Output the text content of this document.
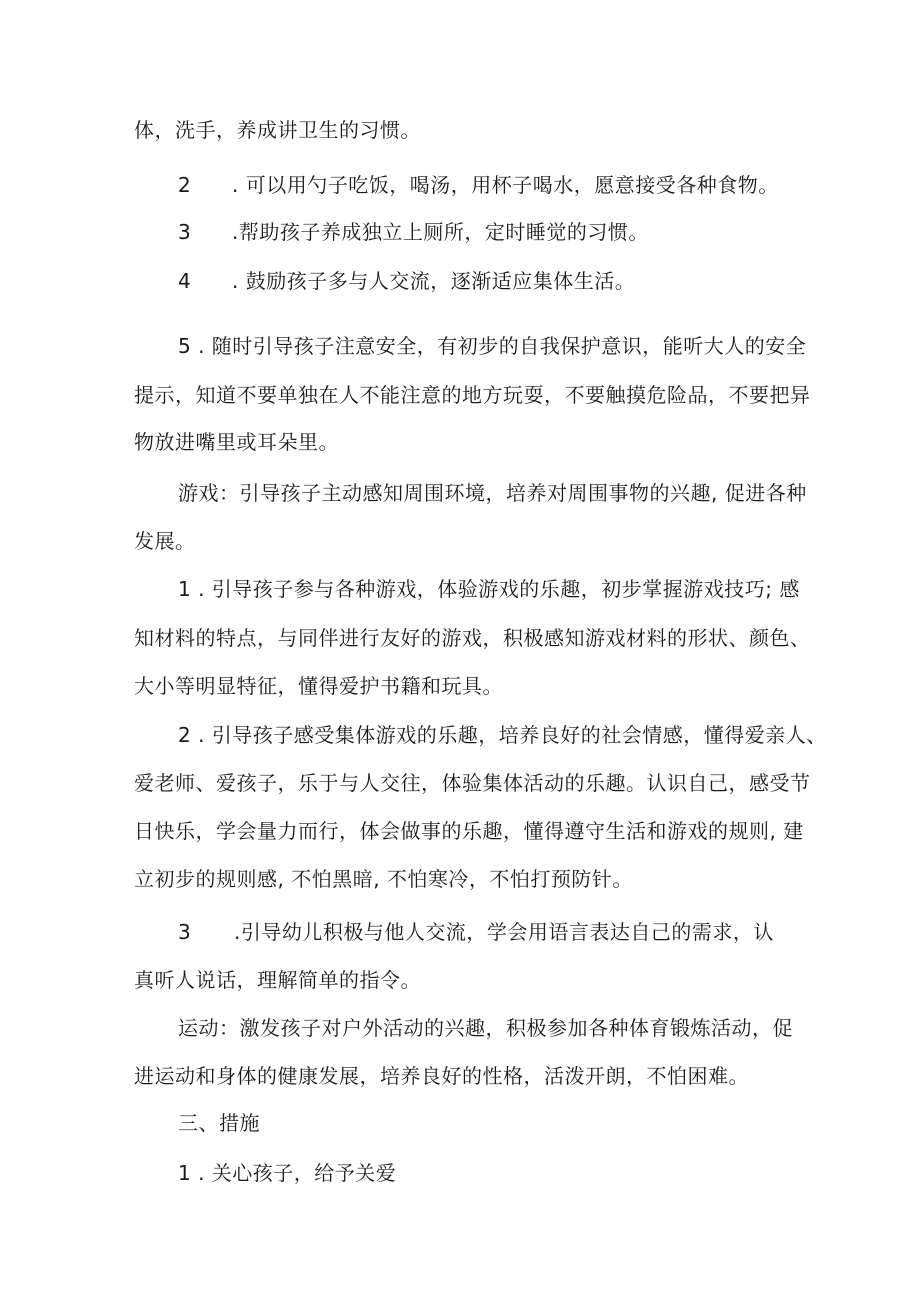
体，洗手，养成讲卫生的习惯。
2 . 可以用勺子吃饭，喝汤，用杯子喝水，愿意接受各种食物。
3 .帮助孩子养成独立上厕所，定时睡觉的习惯。
4 . 鼓励孩子多与人交流，逐渐适应集体生活。
5 . 随时引导孩子注意安全，有初步的自我保护意识，能听大人的安全
提示，知道不要单独在人不能注意的地方玩耍，不要触摸危险品，不要把异
物放进嘴里或耳朵里。
游戏：引导孩子主动感知周围环境，培养对周围事物的兴趣, 促进各种
发展。
1 . 引导孩子参与各种游戏，体验游戏的乐趣，初步掌握游戏技巧; 感
知材料的特点，与同伴进行友好的游戏，积极感知游戏材料的形状、颜色、
大小等明显特征，懂得爱护书籍和玩具。
2 . 引导孩子感受集体游戏的乐趣，培养良好的社会情感，懂得爱亲人、
爱老师、爱孩子，乐于与人交往，体验集体活动的乐趣。认识自己，感受节
日快乐，学会量力而行，体会做事的乐趣，懂得遵守生活和游戏的规则, 建
立初步的规则感, 不怕黑暗, 不怕寒冷，不怕打预防针。
3 .引导幼儿积极与他人交流，学会用语言表达自己的需求，认
真听人说话，理解简单的指令。
运动：激发孩子对户外活动的兴趣，积极参加各种体育锻炼活动，促
进运动和身体的健康发展，培养良好的性格，活泼开朗，不怕困难。
三、措施
1 . 关心孩子，给予关爱
